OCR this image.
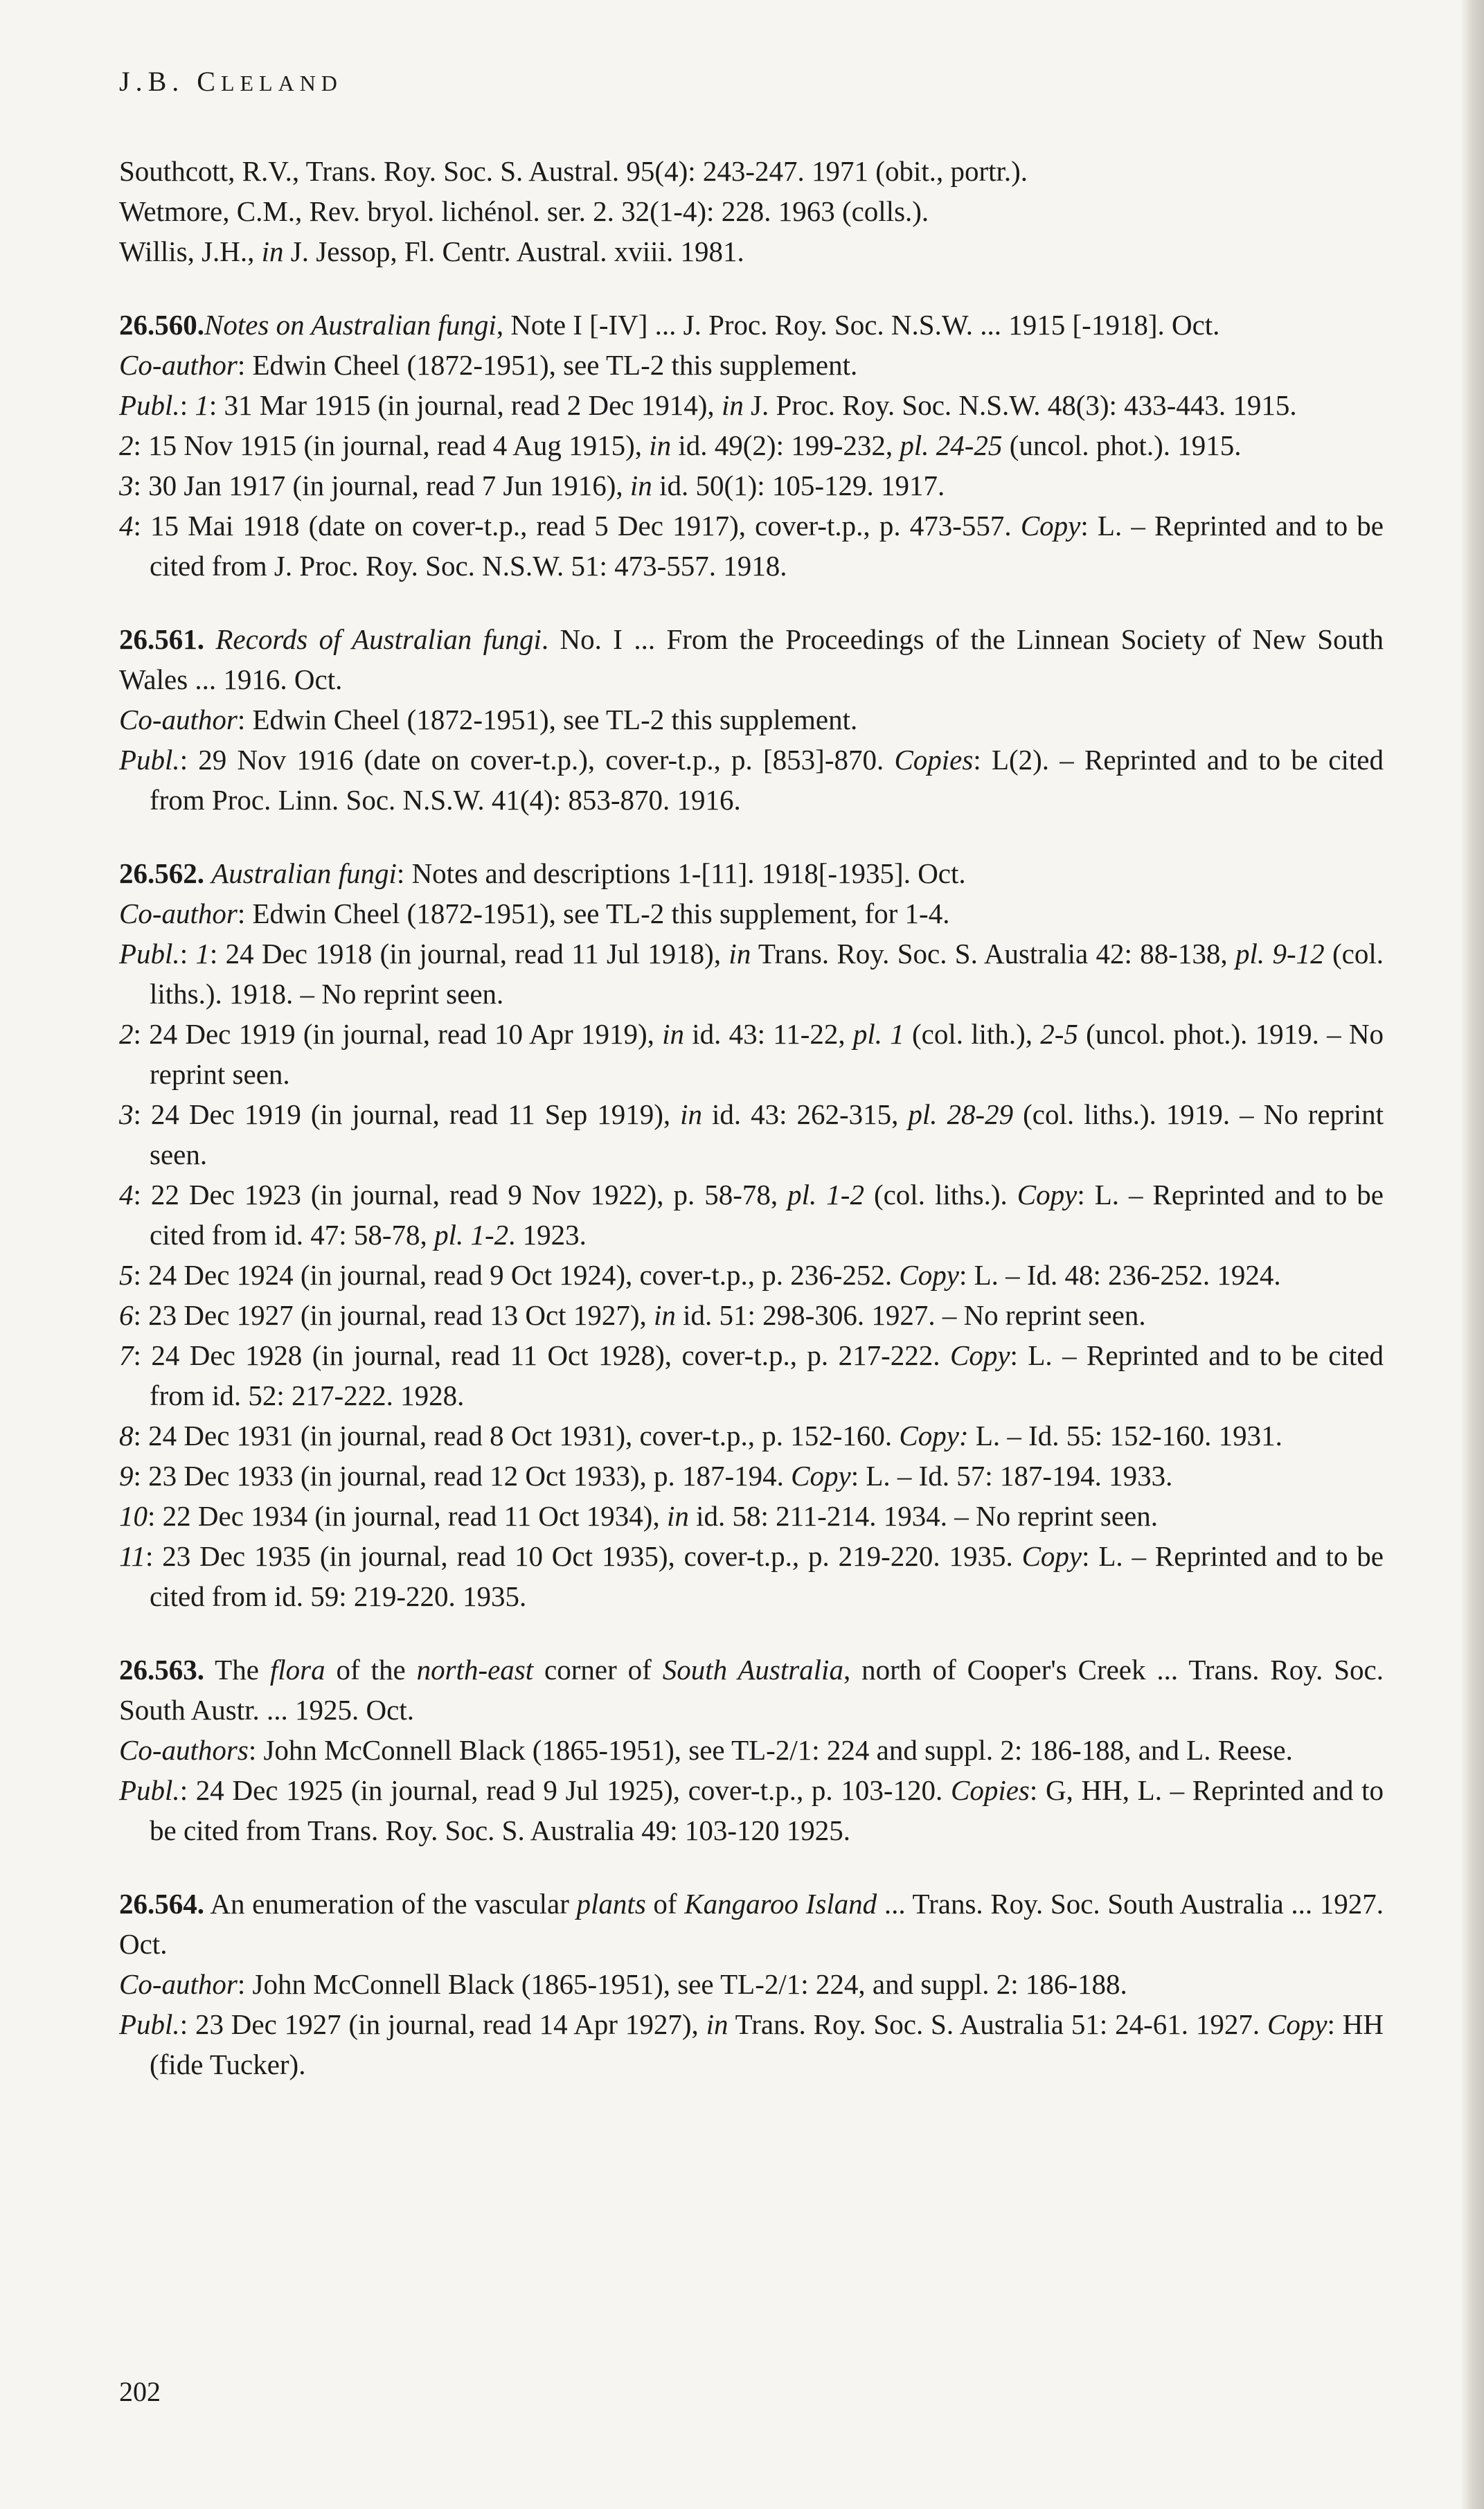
J.B. CLELAND

Southcott, R.V., Trans. Roy. Soc. S. Austral. 95(4): 243-247. 1971 (obit., portr.).

Wetmore, C.M., Rev. bryol. lichénol. ser. 2. 32(1-4): 228. 1963 (colls.).

Willis, J.H., in J. Jessop, Fl. Centr. Austral. xviii. 1981.

26.560.Notes on Australian fungi, Note I [-IV] ... J. Proc. Roy. Soc. N.S.W. ... 1915 [-1918]. Oct.

Co-author: Edwin Cheel (1872-1951), see TL-2 this supplement.

Publ.: 1: 31 Mar 1915 (in journal, read 2 Dec 1914), in J. Proc. Roy. Soc. N.S.W. 48(3): 433-443. 1915.

2: 15 Nov 1915 (in journal, read 4 Aug 1915), in id. 49(2): 199-232, pl. 24-25 (uncol. phot.). 1915.

3: 30 Jan 1917 (in journal, read 7 Jun 1916), in id. 50(1): 105-129. 1917.

4: 15 Mai 1918 (date on cover-t.p., read 5 Dec 1917), cover-t.p., p. 473-557. Copy: L. – Reprinted and to be cited from J. Proc. Roy. Soc. N.S.W. 51: 473-557. 1918.

26.561. Records of Australian fungi. No. I ... From the Proceedings of the Linnean Society of New South Wales ... 1916. Oct.

Co-author: Edwin Cheel (1872-1951), see TL-2 this supplement.

Publ.: 29 Nov 1916 (date on cover-t.p.), cover-t.p., p. [853]-870. Copies: L(2). – Reprinted and to be cited from Proc. Linn. Soc. N.S.W. 41(4): 853-870. 1916.

26.562. Australian fungi: Notes and descriptions 1-[11]. 1918[-1935]. Oct.

Co-author: Edwin Cheel (1872-1951), see TL-2 this supplement, for 1-4.

Publ.: 1: 24 Dec 1918 (in journal, read 11 Jul 1918), in Trans. Roy. Soc. S. Australia 42: 88-138, pl. 9-12 (col. liths.). 1918. – No reprint seen.

2: 24 Dec 1919 (in journal, read 10 Apr 1919), in id. 43: 11-22, pl. 1 (col. lith.), 2-5 (uncol. phot.). 1919. – No reprint seen.

3: 24 Dec 1919 (in journal, read 11 Sep 1919), in id. 43: 262-315, pl. 28-29 (col. liths.). 1919. – No reprint seen.

4: 22 Dec 1923 (in journal, read 9 Nov 1922), p. 58-78, pl. 1-2 (col. liths.). Copy: L. – Reprinted and to be cited from id. 47: 58-78, pl. 1-2. 1923.

5: 24 Dec 1924 (in journal, read 9 Oct 1924), cover-t.p., p. 236-252. Copy: L. – Id. 48: 236-252. 1924.

6: 23 Dec 1927 (in journal, read 13 Oct 1927), in id. 51: 298-306. 1927. – No reprint seen.

7: 24 Dec 1928 (in journal, read 11 Oct 1928), cover-t.p., p. 217-222. Copy: L. – Reprinted and to be cited from id. 52: 217-222. 1928.

8: 24 Dec 1931 (in journal, read 8 Oct 1931), cover-t.p., p. 152-160. Copy: L. – Id. 55: 152-160. 1931.

9: 23 Dec 1933 (in journal, read 12 Oct 1933), p. 187-194. Copy: L. – Id. 57: 187-194. 1933.

10: 22 Dec 1934 (in journal, read 11 Oct 1934), in id. 58: 211-214. 1934. – No reprint seen.

11: 23 Dec 1935 (in journal, read 10 Oct 1935), cover-t.p., p. 219-220. 1935. Copy: L. – Reprinted and to be cited from id. 59: 219-220. 1935.

26.563. The flora of the north-east corner of South Australia, north of Cooper's Creek ... Trans. Roy. Soc. South Austr. ... 1925. Oct.

Co-authors: John McConnell Black (1865-1951), see TL-2/1: 224 and suppl. 2: 186-188, and L. Reese.

Publ.: 24 Dec 1925 (in journal, read 9 Jul 1925), cover-t.p., p. 103-120. Copies: G, HH, L. – Reprinted and to be cited from Trans. Roy. Soc. S. Australia 49: 103-120 1925.

26.564. An enumeration of the vascular plants of Kangaroo Island ... Trans. Roy. Soc. South Australia ... 1927. Oct.

Co-author: John McConnell Black (1865-1951), see TL-2/1: 224, and suppl. 2: 186-188.

Publ.: 23 Dec 1927 (in journal, read 14 Apr 1927), in Trans. Roy. Soc. S. Australia 51: 24-61. 1927. Copy: HH (fide Tucker).

202
